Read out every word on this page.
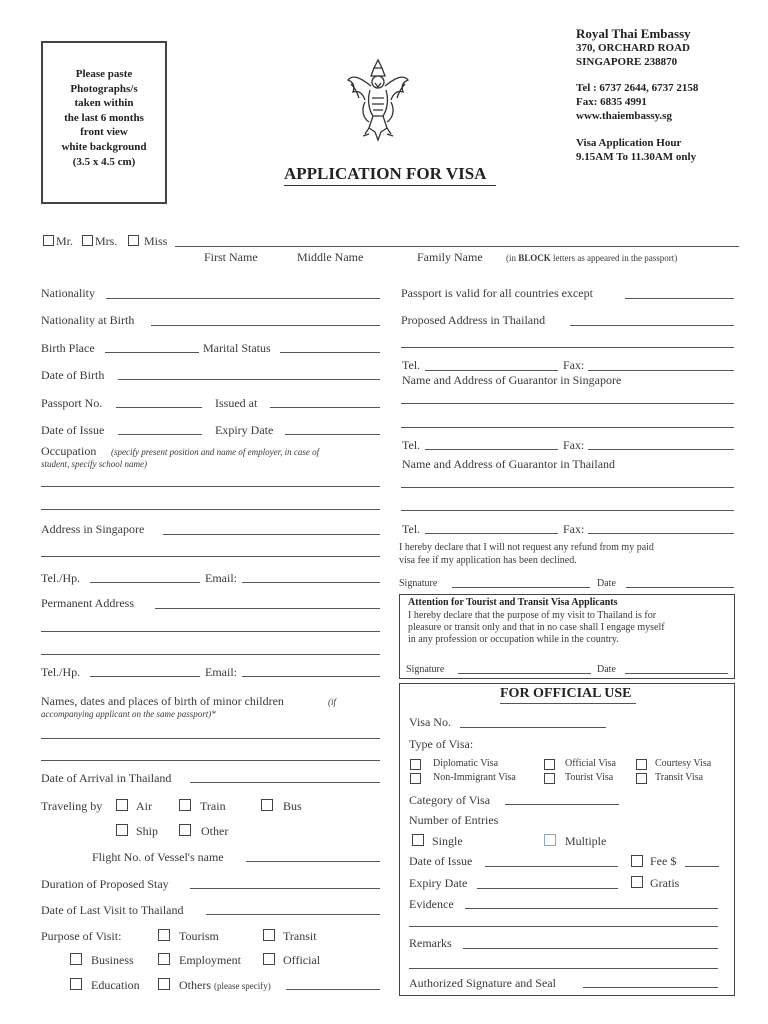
Please paste
Photographs/s
taken within
the last 6 months
front view
white background
(3.5 x 4.5 cm)
Royal Thai Embassy
370, ORCHARD ROAD
SINGAPORE 238870
Tel : 6737 2644, 6737 2158
Fax: 6835 4991
www.thaiembassy.sg
Visa Application Hour
9.15AM To 11.30AM only
APPLICATION FOR VISA
Mr. Mrs. Miss
First Name	Middle Name	Family Name	(in BLOCK letters as appeared in the passport)
Nationality
Nationality at Birth
Birth Place	Marital Status
Date of Birth
Passport No.	Issued at
Date of Issue	Expiry Date
Occupation (specify present position and name of employer, in case of
student, specify school name)
Address in Singapore
Tel./Hp.	Email:
Permanent Address
Tel./Hp.	Email:
Names, dates and places of birth of minor children	(if
accompanying applicant on the same passport)*
Date of Arrival in Thailand
Traveling by	Air	Train	Bus
Ship	Other
Flight No. of Vessel's name
Duration of Proposed Stay
Date of Last Visit to Thailand
Purpose of Visit:	Tourism	Transit
Business	Employment	Official
Education	Others (please specify)
Passport is valid for all countries except
Proposed Address in Thailand
Tel.	Fax:
Name and Address of Guarantor in Singapore
Tel.	Fax:
Name and Address of Guarantor in Thailand
Tel.	Fax:
I hereby declare that I will not request any refund from my paid
visa fee if my application has been declined.
Signature	Date
Attention for Tourist and Transit Visa Applicants
I hereby declare that the purpose of my visit to Thailand is for
pleasure or transit only and that in no case shall I engage myself
in any profession or occupation while in the country.
Signature	Date
FOR OFFICIAL USE
Visa No.
Type of Visa:
Diplomatic Visa	Official Visa	Courtesy Visa
Non-Immigrant Visa	Tourist Visa	Transit Visa
Category of Visa
Number of Entries
Single	Multiple
Date of Issue	Fee $
Expiry Date	Gratis
Evidence
Remarks
Authorized Signature and Seal
